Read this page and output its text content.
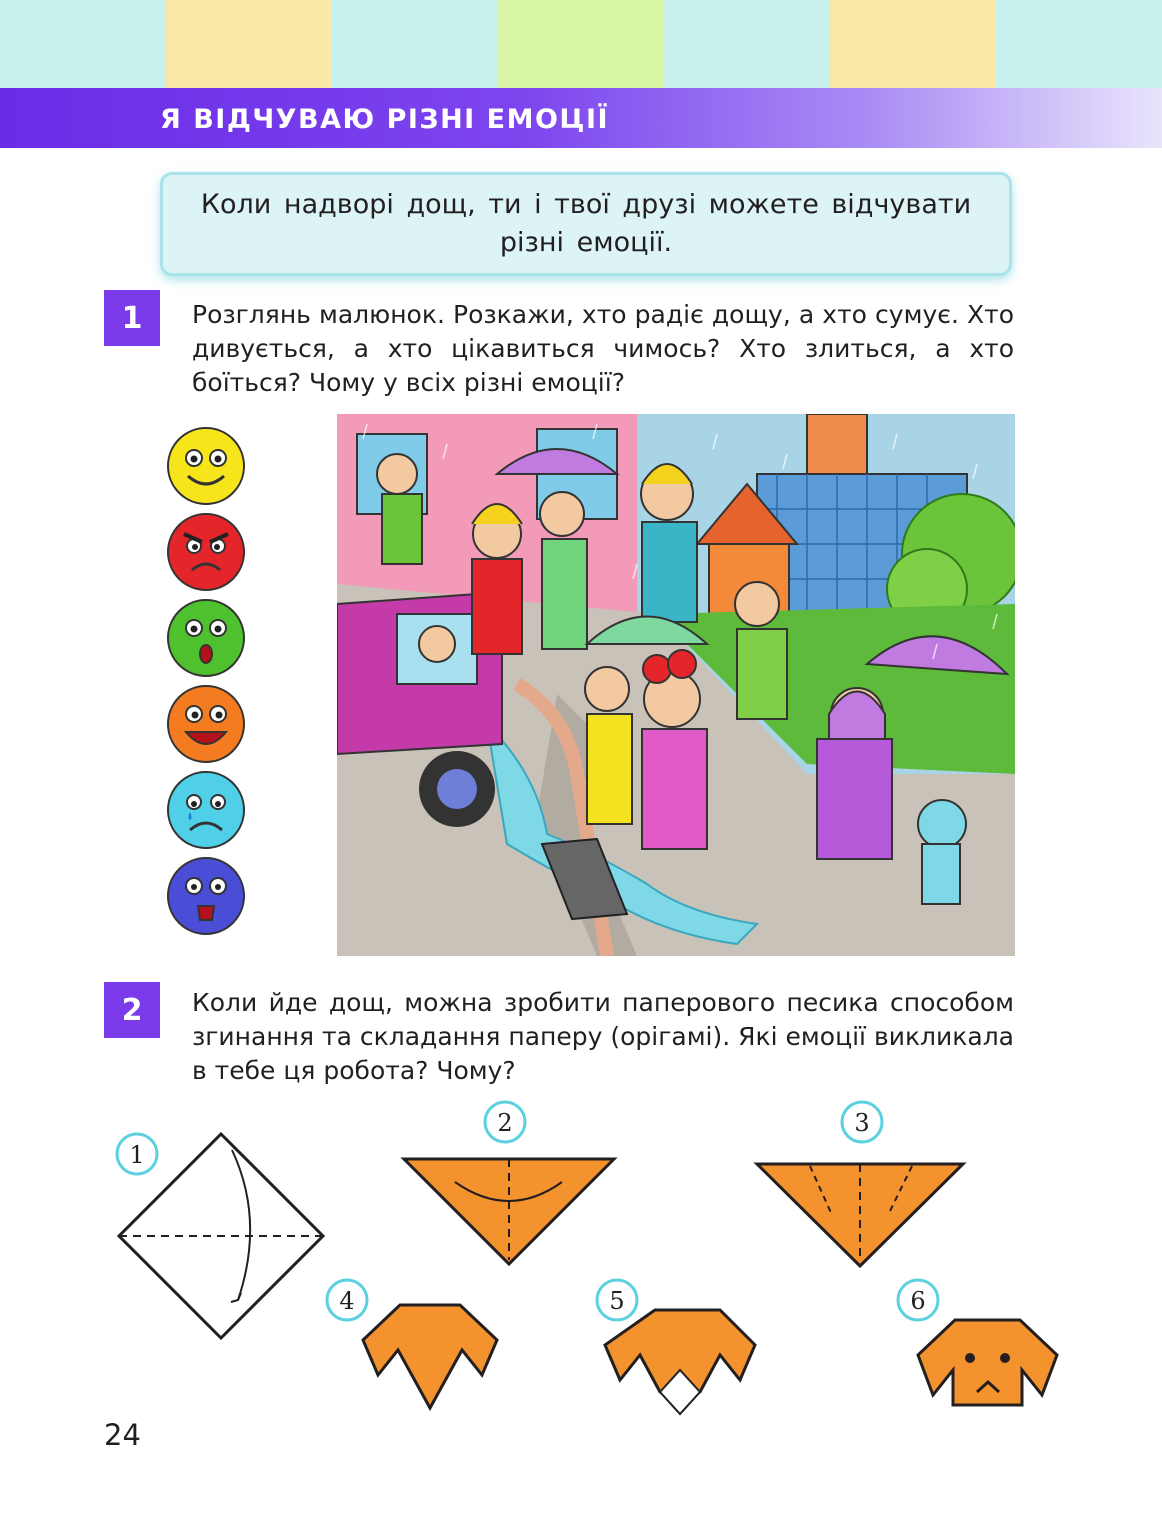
Я ВІДЧУВАЮ РІЗНІ ЕМОЦІЇ
Коли надворі дощ, ти і твої друзі можете відчувати різні емоції.
1	Розглянь малюнок. Розкажи, хто радіє дощу, а хто сумує. Хто дивується, а хто цікавиться чимось? Хто злиться, а хто боїться? Чому у всіх різні емоції?
2	Коли йде дощ, можна зробити паперового песика способом згинання та складання паперу (орігамі). Які емоції викликала в тебе ця робота? Чому?
1
2	3
4	5	6
24
